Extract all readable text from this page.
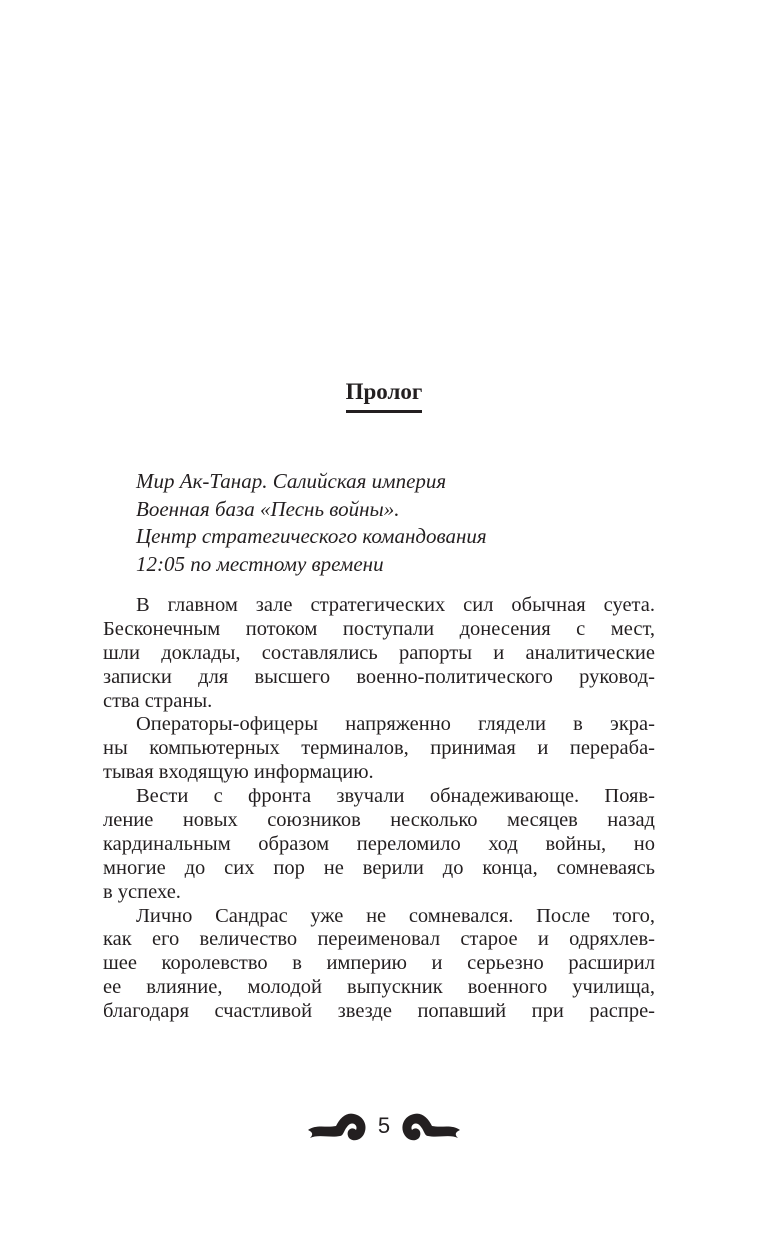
Пролог
Мир Ак-Танар. Салийская империя
Военная база «Песнь войны».
Центр стратегического командования
12:05 по местному времени
В главном зале стратегических сил обычная суета.
Бесконечным потоком поступали донесения с мест,
шли доклады, составлялись рапорты и аналитические
записки для высшего военно-политического руковод-
ства страны.
Операторы-офицеры напряженно глядели в экра-
ны компьютерных терминалов, принимая и перераба-
тывая входящую информацию.
Вести с фронта звучали обнадеживающе. Появ-
ление новых союзников несколько месяцев назад
кардинальным образом переломило ход войны, но
многие до сих пор не верили до конца, сомневаясь
в успехе.
Лично Сандрас уже не сомневался. После того,
как его величество переименовал старое и одряхлев-
шее королевство в империю и серьезно расширил
ее влияние, молодой выпускник военного училища,
благодаря счастливой звезде попавший при распре-
5
